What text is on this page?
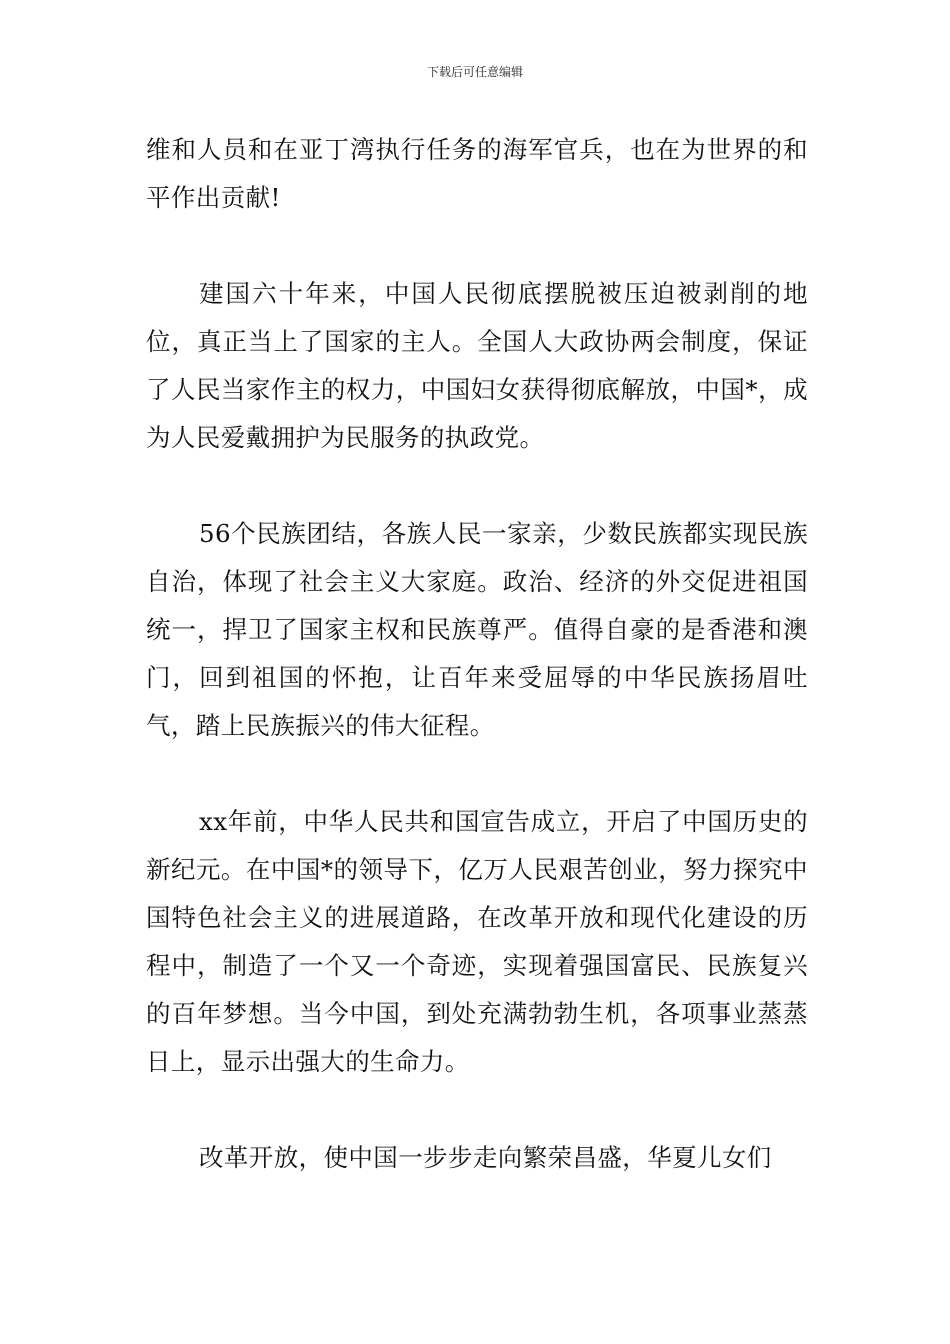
下载后可任意编辑

维和人员和在亚丁湾执行任务的海军官兵，也在为世界的和平作出贡献!

建国六十年来，中国人民彻底摆脱被压迫被剥削的地位，真正当上了国家的主人。全国人大政协两会制度，保证了人民当家作主的权力，中国妇女获得彻底解放，中国*，成为人民爱戴拥护为民服务的执政党。

56个民族团结，各族人民一家亲，少数民族都实现民族自治，体现了社会主义大家庭。政治、经济的外交促进祖国统一，捍卫了国家主权和民族尊严。值得自豪的是香港和澳门，回到祖国的怀抱，让百年来受屈辱的中华民族扬眉吐气，踏上民族振兴的伟大征程。

xx年前，中华人民共和国宣告成立，开启了中国历史的新纪元。在中国*的领导下，亿万人民艰苦创业，努力探究中国特色社会主义的进展道路，在改革开放和现代化建设的历程中，制造了一个又一个奇迹，实现着强国富民、民族复兴的百年梦想。当今中国，到处充满勃勃生机，各项事业蒸蒸日上，显示出强大的生命力。

改革开放，使中国一步步走向繁荣昌盛，华夏儿女们
